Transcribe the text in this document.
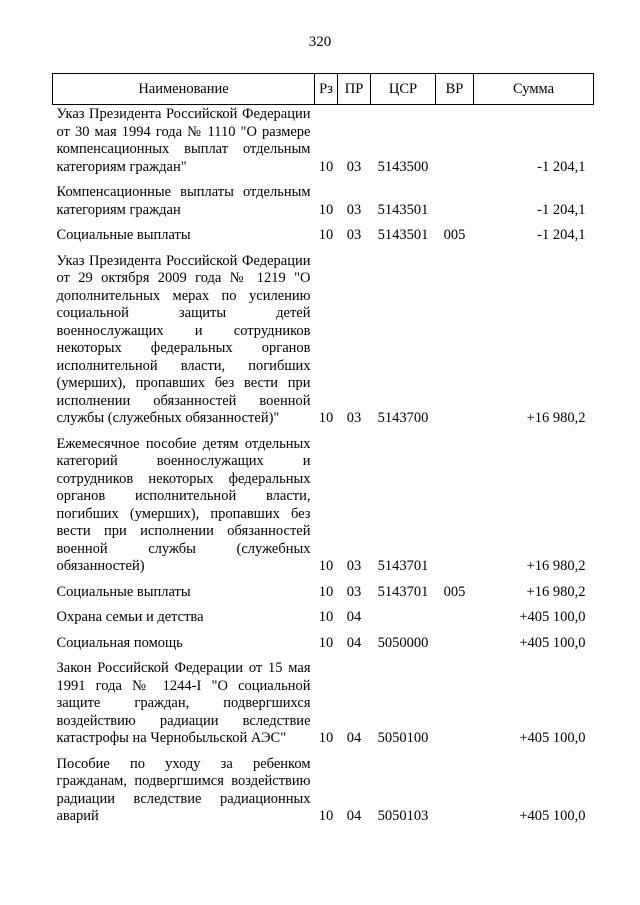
320
Наименование	Рз	ПР	ЦСР	ВР	Сумма
Указ Президента Российской Федерации от 30 мая 1994 года № 1110 "О размере компенсационных выплат отдельным категориям граждан"	10	03	5143500		-1 204,1
Компенсационные выплаты отдельным категориям граждан	10	03	5143501		-1 204,1
Социальные выплаты	10	03	5143501	005	-1 204,1
Указ Президента Российской Федерации от 29 октября 2009 года № 1219 "О дополнительных мерах по усилению социальной защиты детей военнослужащих и сотрудников некоторых федеральных органов исполнительной власти, погибших (умерших), пропавших без вести при исполнении обязанностей военной службы (служебных обязанностей)"	10	03	5143700		+16 980,2
Ежемесячное пособие детям отдельных категорий военнослужащих и сотрудников некоторых федеральных органов исполнительной власти, погибших (умерших), пропавших без вести при исполнении обязанностей военной службы (служебных обязанностей)	10	03	5143701		+16 980,2
Социальные выплаты	10	03	5143701	005	+16 980,2
Охрана семьи и детства	10	04			+405 100,0
Социальная помощь	10	04	5050000		+405 100,0
Закон Российской Федерации от 15 мая 1991 года № 1244-I "О социальной защите граждан, подвергшихся воздействию радиации вследствие катастрофы на Чернобыльской АЭС"	10	04	5050100		+405 100,0
Пособие по уходу за ребенком гражданам, подвергшимся воздействию радиации вследствие радиационных аварий	10	04	5050103		+405 100,0
